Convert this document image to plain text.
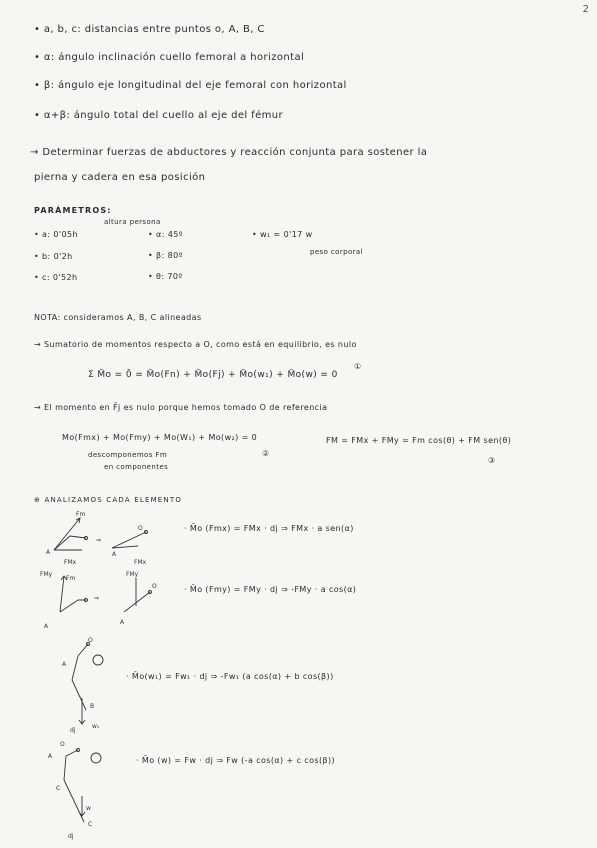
2
• a, b, c: distancias entre puntos o, A, B, C
• α: ángulo inclinación cuello femoral a horizontal
• β: ángulo eje longitudinal del eje femoral con horizontal
• α+β: ángulo total del cuello al eje del fémur
→ Determinar fuerzas de abductores y reacción conjunta para sostener la
pierna y cadera en esa posición
PARÁMETROS:
altura persona
• a: 0'05h
• b: 0'2h
• c: 0'52h
• α: 45º
• β: 80º
• θ: 70º
• w₁ ≈ 0'17 w
peso corporal
NOTA: consideramos A, B, C alineadas
→ Sumatorio de momentos respecto a O, como está en equilibrio, es nulo
Σ M̄o = 0̄ = M̄o(Fn) + M̄o(Fj) + M̄o(w₁) + M̄o(w) = 0
①
→ El momento en F̄j es nulo porque hemos tomado O de referencia
Mo(Fmx) + Mo(Fmy) + Mo(W₁) + Mo(w₂) = 0
②
descomponemos Fm
en componentes
FM = FMx + FMy = Fm cos(θ) + FM sen(θ)
③
⊕ ANALIZAMOS CADA ELEMENTO
Fm
A
FMx
⇒
O
A
FMx
· M̄o (Fmx) = FMx · dj ⇒ FMx · a sen(α)
FMy
Fm
A
⇒
FMy
O
A
· M̄o (Fmy) = FMy · dj ⇒ -FMy · a cos(α)
A
O
B
w₁
dj
· M̄o(w₁) = Fw₁ · dj ⇒ -Fw₁ (a cos(α) + b cos(β))
A
O
C
w
C
dj
· M̄o (w) = Fw · dj ⇒ Fw (-a cos(α) + c cos(β))
